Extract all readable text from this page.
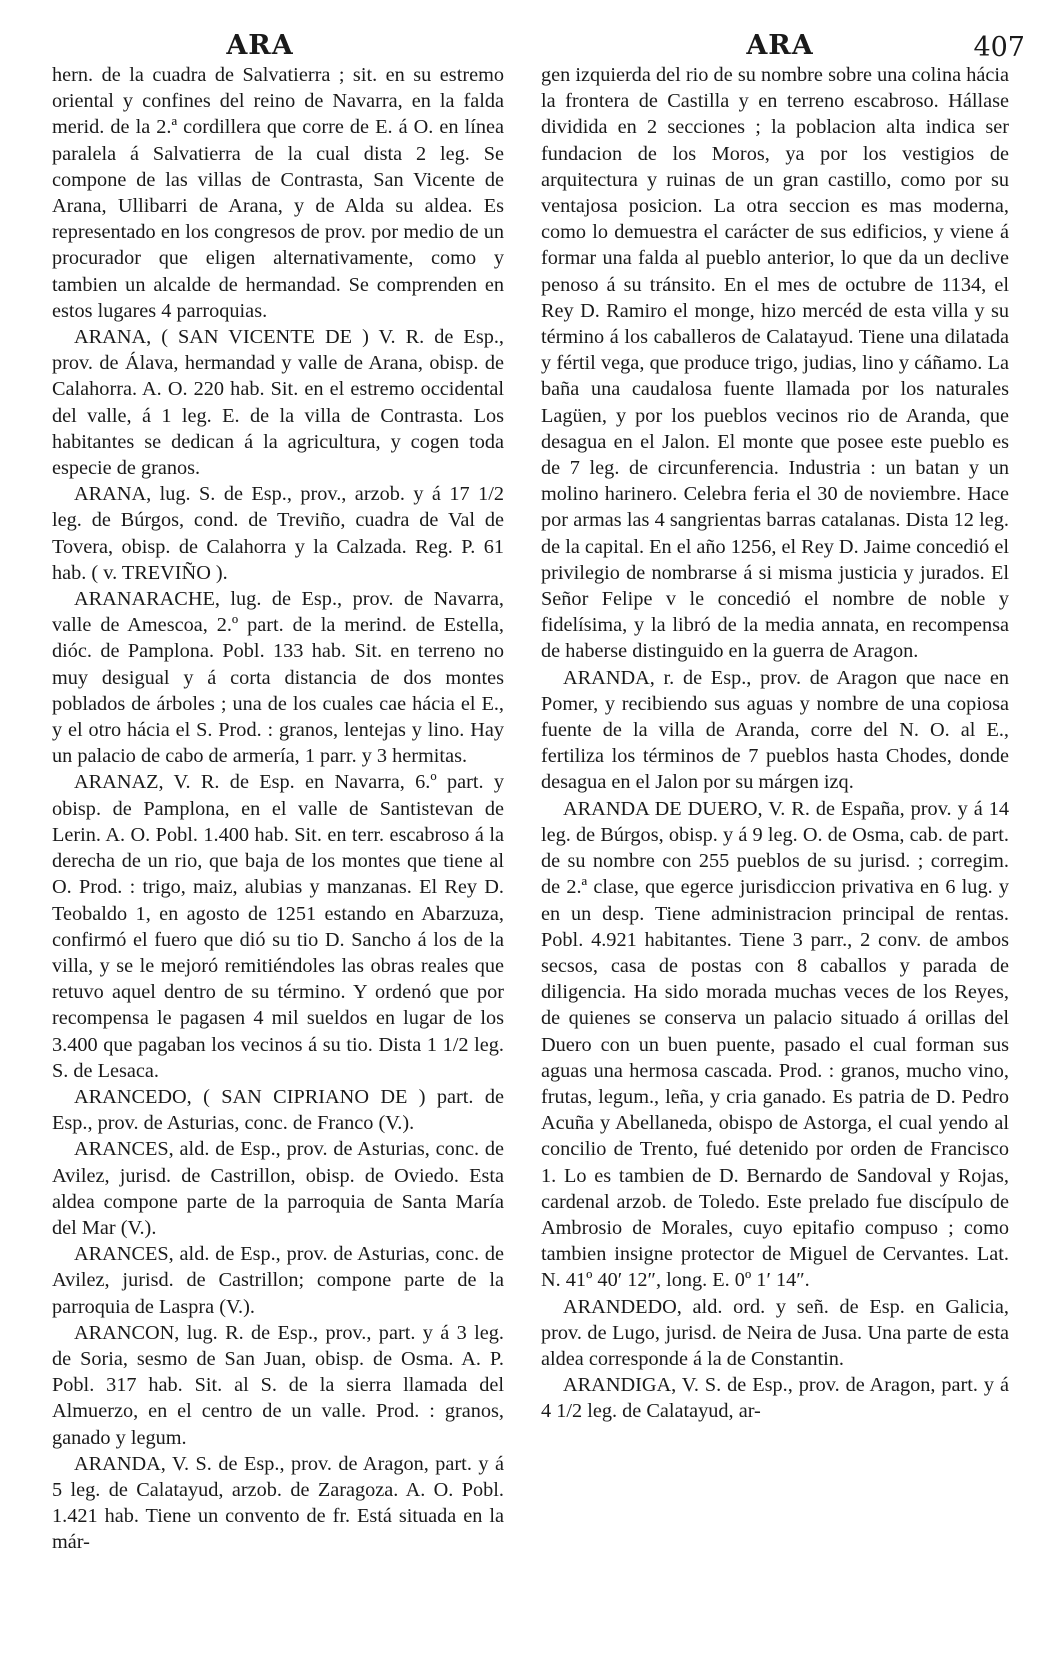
ARA	ARA	407

hern. de la cuadra de Salvatierra ; sit. en su estremo oriental y confines del reino de Navarra, en la falda merid. de la 2.ª cordillera que corre de E. á O. en línea paralela á Salvatierra de la cual dista 2 leg. Se compone de las villas de Contrasta, San Vicente de Arana, Ullibarri de Arana, y de Alda su aldea. Es representado en los congresos de prov. por medio de un procurador que eligen alternativamente, como y tambien un alcalde de hermandad. Se comprenden en estos lugares 4 parroquias.

ARANA, ( SAN VICENTE DE ) V. R. de Esp., prov. de Álava, hermandad y valle de Arana, obisp. de Calahorra. A. O. 220 hab. Sit. en el estremo occidental del valle, á 1 leg. E. de la villa de Contrasta. Los habitantes se dedican á la agricultura, y cogen toda especie de granos.

ARANA, lug. S. de Esp., prov., arzob. y á 17 1/2 leg. de Búrgos, cond. de Treviño, cuadra de Val de Tovera, obisp. de Calahorra y la Calzada. Reg. P. 61 hab. ( v. TREVIÑO ).

ARANARACHE, lug. de Esp., prov. de Navarra, valle de Amescoa, 2.º part. de la merind. de Estella, dióc. de Pamplona. Pobl. 133 hab. Sit. en terreno no muy desigual y á corta distancia de dos montes poblados de árboles ; una de los cuales cae hácia el E., y el otro hácia el S. Prod. : granos, lentejas y lino. Hay un palacio de cabo de armería, 1 parr. y 3 hermitas.

ARANAZ, V. R. de Esp. en Navarra, 6.º part. y obisp. de Pamplona, en el valle de Santistevan de Lerin. A. O. Pobl. 1.400 hab. Sit. en terr. escabroso á la derecha de un rio, que baja de los montes que tiene al O. Prod. : trigo, maiz, alubias y manzanas. El Rey D. Teobaldo 1, en agosto de 1251 estando en Abarzuza, confirmó el fuero que dió su tio D. Sancho á los de la villa, y se le mejoró remitiéndoles las obras reales que retuvo aquel dentro de su término. Y ordenó que por recompensa le pagasen 4 mil sueldos en lugar de los 3.400 que pagaban los vecinos á su tio. Dista 1 1/2 leg. S. de Lesaca.

ARANCEDO, ( SAN CIPRIANO DE ) part. de Esp., prov. de Asturias, conc. de Franco (V.).

ARANCES, ald. de Esp., prov. de Asturias, conc. de Avilez, jurisd. de Castrillon, obisp. de Oviedo. Esta aldea compone parte de la parroquia de Santa María del Mar (V.).

ARANCES, ald. de Esp., prov. de Asturias, conc. de Avilez, jurisd. de Castrillon; compone parte de la parroquia de Laspra (V.).

ARANCON, lug. R. de Esp., prov., part. y á 3 leg. de Soria, sesmo de San Juan, obisp. de Osma. A. P. Pobl. 317 hab. Sit. al S. de la sierra llamada del Almuerzo, en el centro de un valle. Prod. : granos, ganado y legum.

ARANDA, V. S. de Esp., prov. de Aragon, part. y á 5 leg. de Calatayud, arzob. de Zaragoza. A. O. Pobl. 1.421 hab. Tiene un convento de fr. Está situada en la már-

gen izquierda del rio de su nombre sobre una colina hácia la frontera de Castilla y en terreno escabroso. Hállase dividida en 2 secciones ; la poblacion alta indica ser fundacion de los Moros, ya por los vestigios de arquitectura y ruinas de un gran castillo, como por su ventajosa posicion. La otra seccion es mas moderna, como lo demuestra el carácter de sus edificios, y viene á formar una falda al pueblo anterior, lo que da un declive penoso á su tránsito. En el mes de octubre de 1134, el Rey D. Ramiro el monge, hizo mercéd de esta villa y su término á los caballeros de Calatayud. Tiene una dilatada y fértil vega, que produce trigo, judias, lino y cáñamo. La baña una caudalosa fuente llamada por los naturales Lagüen, y por los pueblos vecinos rio de Aranda, que desagua en el Jalon. El monte que posee este pueblo es de 7 leg. de circunferencia. Industria : un batan y un molino harinero. Celebra feria el 30 de noviembre. Hace por armas las 4 sangrientas barras catalanas. Dista 12 leg. de la capital. En el año 1256, el Rey D. Jaime concedió el privilegio de nombrarse á si misma justicia y jurados. El Señor Felipe v le concedió el nombre de noble y fidelísima, y la libró de la media annata, en recompensa de haberse distinguido en la guerra de Aragon.

ARANDA, r. de Esp., prov. de Aragon que nace en Pomer, y recibiendo sus aguas y nombre de una copiosa fuente de la villa de Aranda, corre del N. O. al E., fertiliza los términos de 7 pueblos hasta Chodes, donde desagua en el Jalon por su márgen izq.

ARANDA DE DUERO, V. R. de España, prov. y á 14 leg. de Búrgos, obisp. y á 9 leg. O. de Osma, cab. de part. de su nombre con 255 pueblos de su jurisd. ; corregim. de 2.ª clase, que egerce jurisdiccion privativa en 6 lug. y en un desp. Tiene administracion principal de rentas. Pobl. 4.921 habitantes. Tiene 3 parr., 2 conv. de ambos secsos, casa de postas con 8 caballos y parada de diligencia. Ha sido morada muchas veces de los Reyes, de quienes se conserva un palacio situado á orillas del Duero con un buen puente, pasado el cual forman sus aguas una hermosa cascada. Prod. : granos, mucho vino, frutas, legum., leña, y cria ganado. Es patria de D. Pedro Acuña y Abellaneda, obispo de Astorga, el cual yendo al concilio de Trento, fué detenido por orden de Francisco 1. Lo es tambien de D. Bernardo de Sandoval y Rojas, cardenal arzob. de Toledo. Este prelado fue discípulo de Ambrosio de Morales, cuyo epitafio compuso ; como tambien insigne protector de Miguel de Cervantes. Lat. N. 41º 40′ 12″, long. E. 0º 1′ 14″.

ARANDEDO, ald. ord. y señ. de Esp. en Galicia, prov. de Lugo, jurisd. de Neira de Jusa. Una parte de esta aldea corresponde á la de Constantin.

ARANDIGA, V. S. de Esp., prov. de Aragon, part. y á 4 1/2 leg. de Calatayud, ar-
